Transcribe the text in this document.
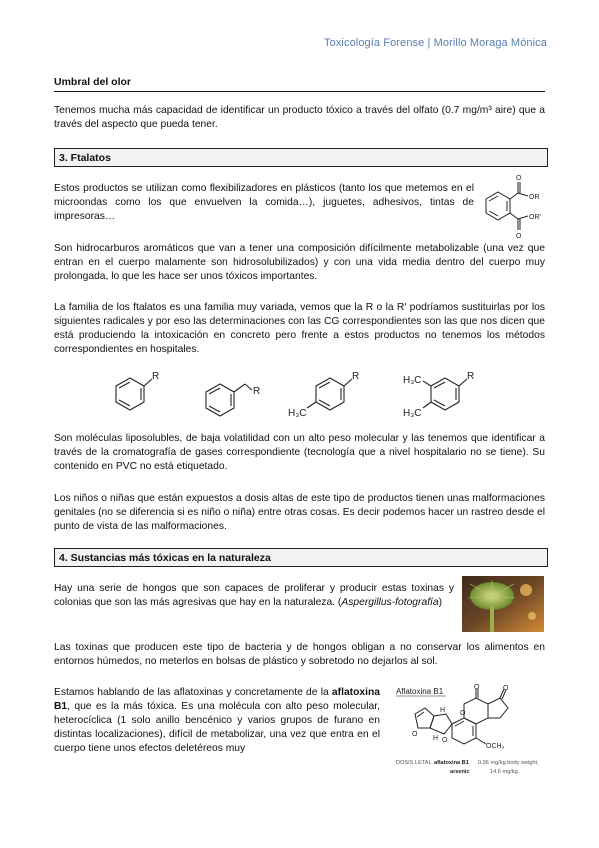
Toxicología Forense | Morillo Moraga Mónica
Umbral del olor

Tenemos mucha más capacidad de identificar un producto tóxico a través del olfato (0.7 mg/m³ aire) que a través del aspecto que pueda tener.

3. Ftalatos

Estos productos se utilizan como flexibilizadores en plásticos (tanto los que metemos en el microondas como los que envuelven la comida…), juguetes, adhesivos, tintas de impresoras…

O
O
OR
OR'

Son hidrocarburos aromáticos que van a tener una composición difícilmente metabolizable (una vez que entran en el cuerpo malamente son hidrosolubilizados) y con una vida media dentro del cuerpo muy prolongada, lo que les hace ser unos tóxicos importantes.

La familia de los ftalatos es una familia muy variada, vemos que la R o la R' podríamos sustituirlas por los siguientes radicales y por eso las determinaciones con las CG correspondientes son las que nos dicen que está produciendo la intoxicación en concreto pero frente a estos productos no tenemos los métodos correspondientes en hospitales.

R
R
R
H₃C
R
H₃C
H₃C

Son moléculas liposolubles, de baja volatilidad con un alto peso molecular y las tenemos que identificar a través de la cromatografía de gases correspondiente (tecnología que a nivel hospitalario no se tiene). Su contenido en PVC no está etiquetado.

Los niños o niñas que están expuestos a dosis altas de este tipo de productos tienen unas malformaciones genitales (no se diferencia si es niño o niña) entre otras cosas. Es decir podemos hacer un rastreo desde el punto de vista de las malformaciones.

4. Sustancias más tóxicas en la naturaleza

Hay una serie de hongos que son capaces de proliferar y producir estas toxinas y colonias que son las más agresivas que hay en la naturaleza. (Aspergillus-fotografía)

Las toxinas que producen este tipo de bacteria y de hongos obligan a no conservar los alimentos en entornos húmedos, no meterlos en bolsas de plástico y sobretodo no dejarlos al sol.

Estamos hablando de las aflatoxinas y concretamente de la aflatoxina B1, que es la más tóxica. Es una molécula con alto peso molecular, heterocíclica (1 solo anillo bencénico y varios grupos de furano en distintas localizaciones), difícil de metabolizar, una vez que entra en el cuerpo tiene unos efectos deletéreos muy

Aflatoxina B1	O	O
H
H
O
O
O
OCH₃
DOSIS LETAL aflatoxina B1 0,36 mg/kg body weight,
arsenic	14.6 mg/kg.
